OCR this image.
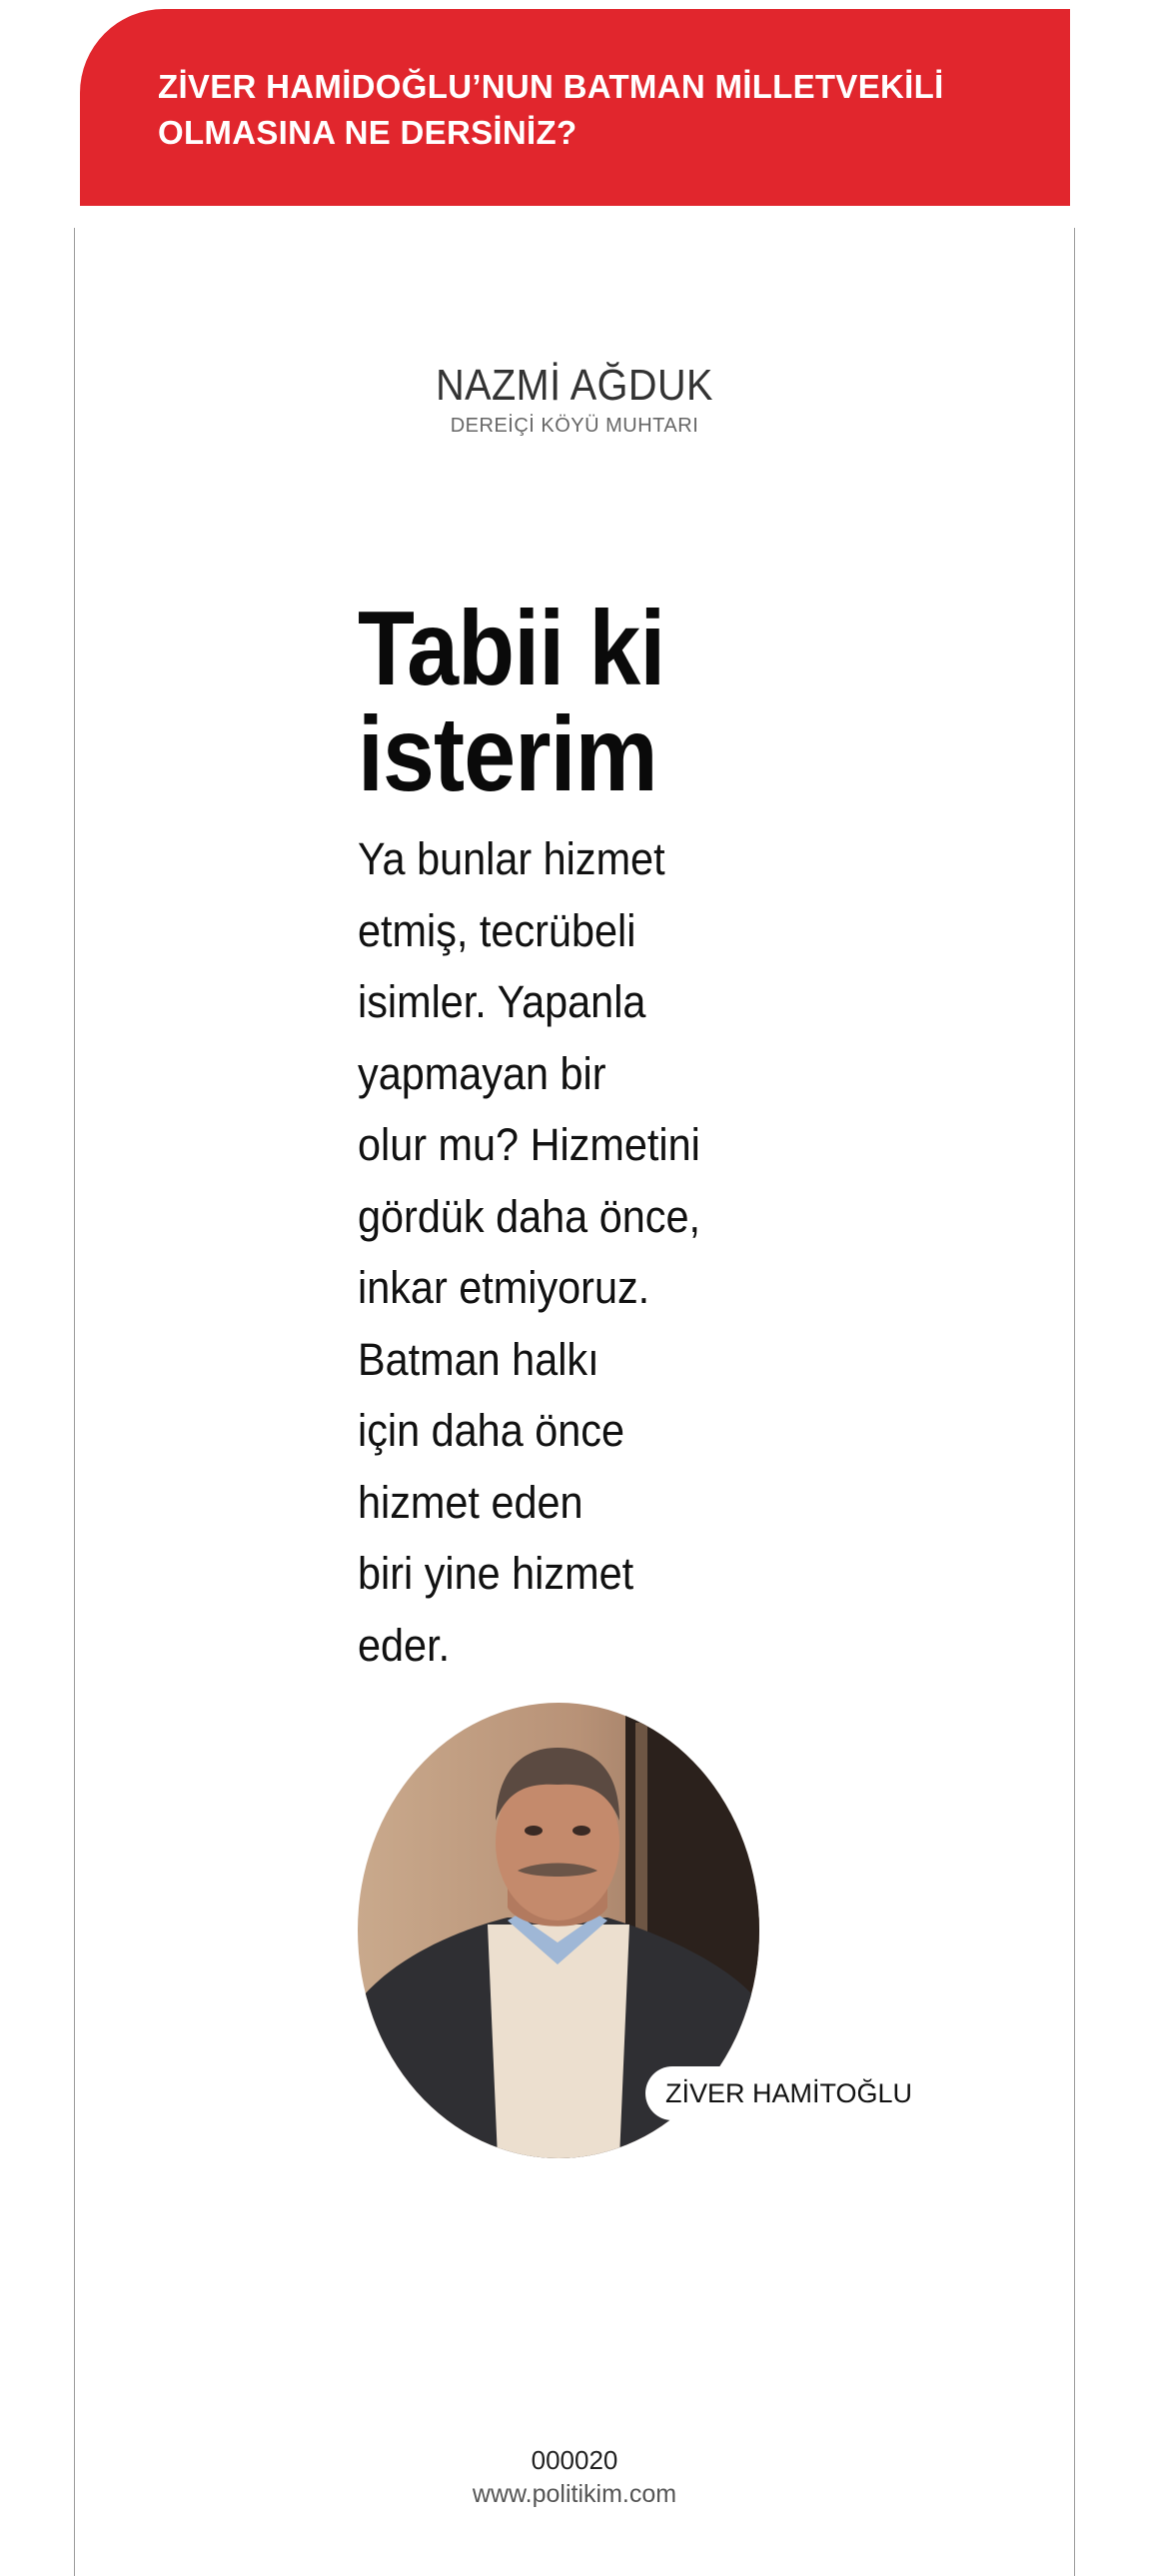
ZİVER HAMİDOĞLU’NUN BATMAN MİLLETVEKİLİ
OLMASINA NE DERSİNİZ?

NAZMİ AĞDUK
DEREİÇİ KÖYÜ MUHTARI
Tabii ki
isterim

Ya bunlar hizmet
etmiş, tecrübeli
isimler. Yapanla
yapmayan bir
olur mu? Hizmetini
gördük daha önce,
inkar etmiyoruz.
Batman halkı
için daha önce
hizmet eden
biri yine hizmet
eder.

ZİVER HAMİTOĞLU
000020
www.politikim.com
